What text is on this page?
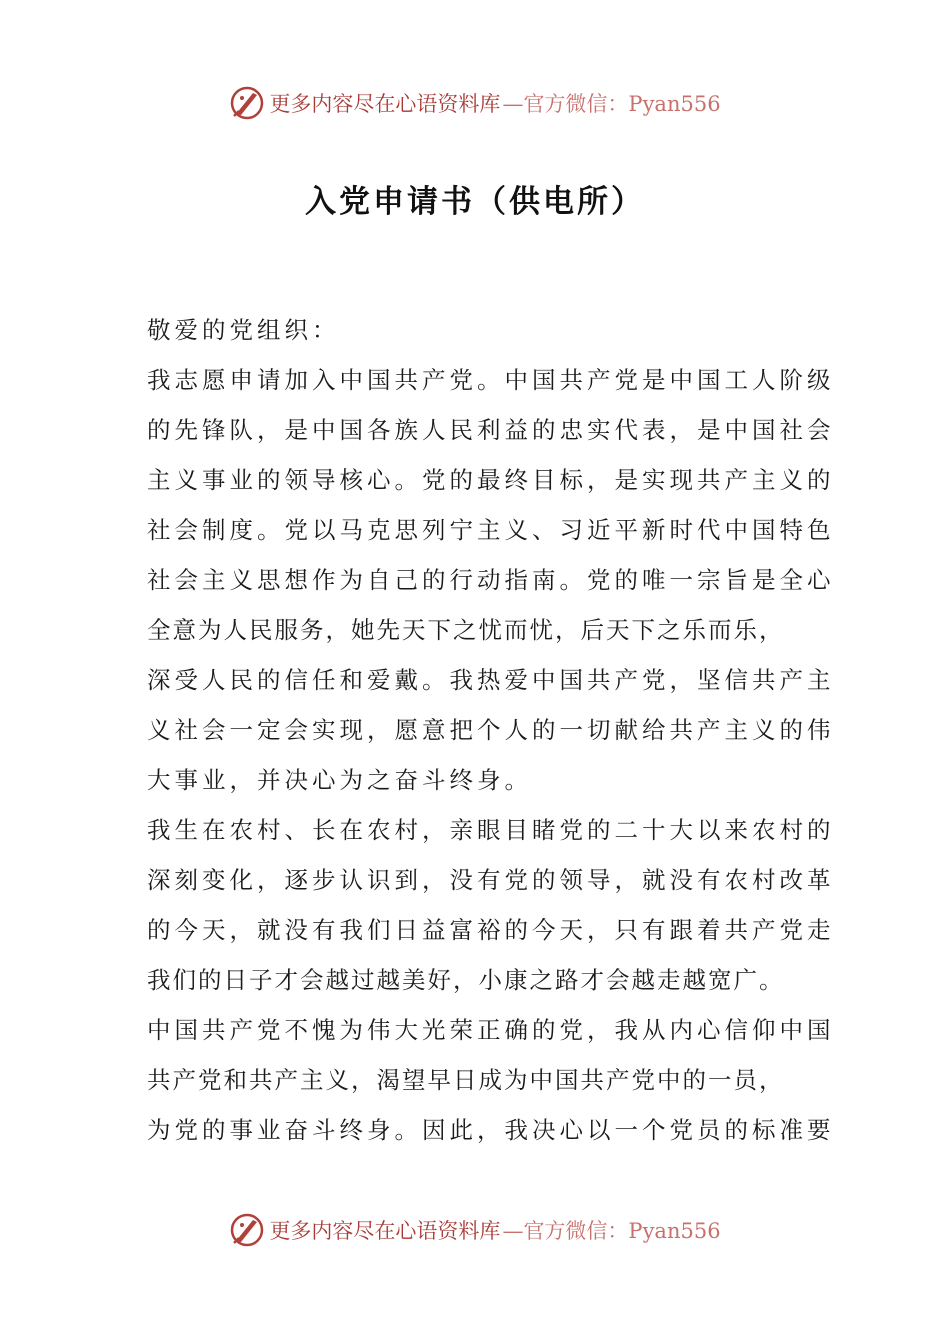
更多内容尽在心语资料库 —官方微信：Pyan556
入党申请书（供电所）
敬爱的党组织：
我志愿申请加入中国共产党。中国共产党是中国工人阶级
的先锋队，是中国各族人民利益的忠实代表，是中国社会
主义事业的领导核心。党的最终目标，是实现共产主义的
社会制度。党以马克思列宁主义、习近平新时代中国特色
社会主义思想作为自己的行动指南。党的唯一宗旨是全心
全意为人民服务，她先天下之忧而忧，后天下之乐而乐，
深受人民的信任和爱戴。我热爱中国共产党，坚信共产主
义社会一定会实现，愿意把个人的一切献给共产主义的伟
大事业，并决心为之奋斗终身。
我生在农村、长在农村，亲眼目睹党的二十大以来农村的
深刻变化，逐步认识到，没有党的领导，就没有农村改革
的今天，就没有我们日益富裕的今天，只有跟着共产党走
我们的日子才会越过越美好，小康之路才会越走越宽广。
中国共产党不愧为伟大光荣正确的党，我从内心信仰中国
共产党和共产主义，渴望早日成为中国共产党中的一员，
为党的事业奋斗终身。因此，我决心以一个党员的标准要
更多内容尽在心语资料库 —官方微信：Pyan556
